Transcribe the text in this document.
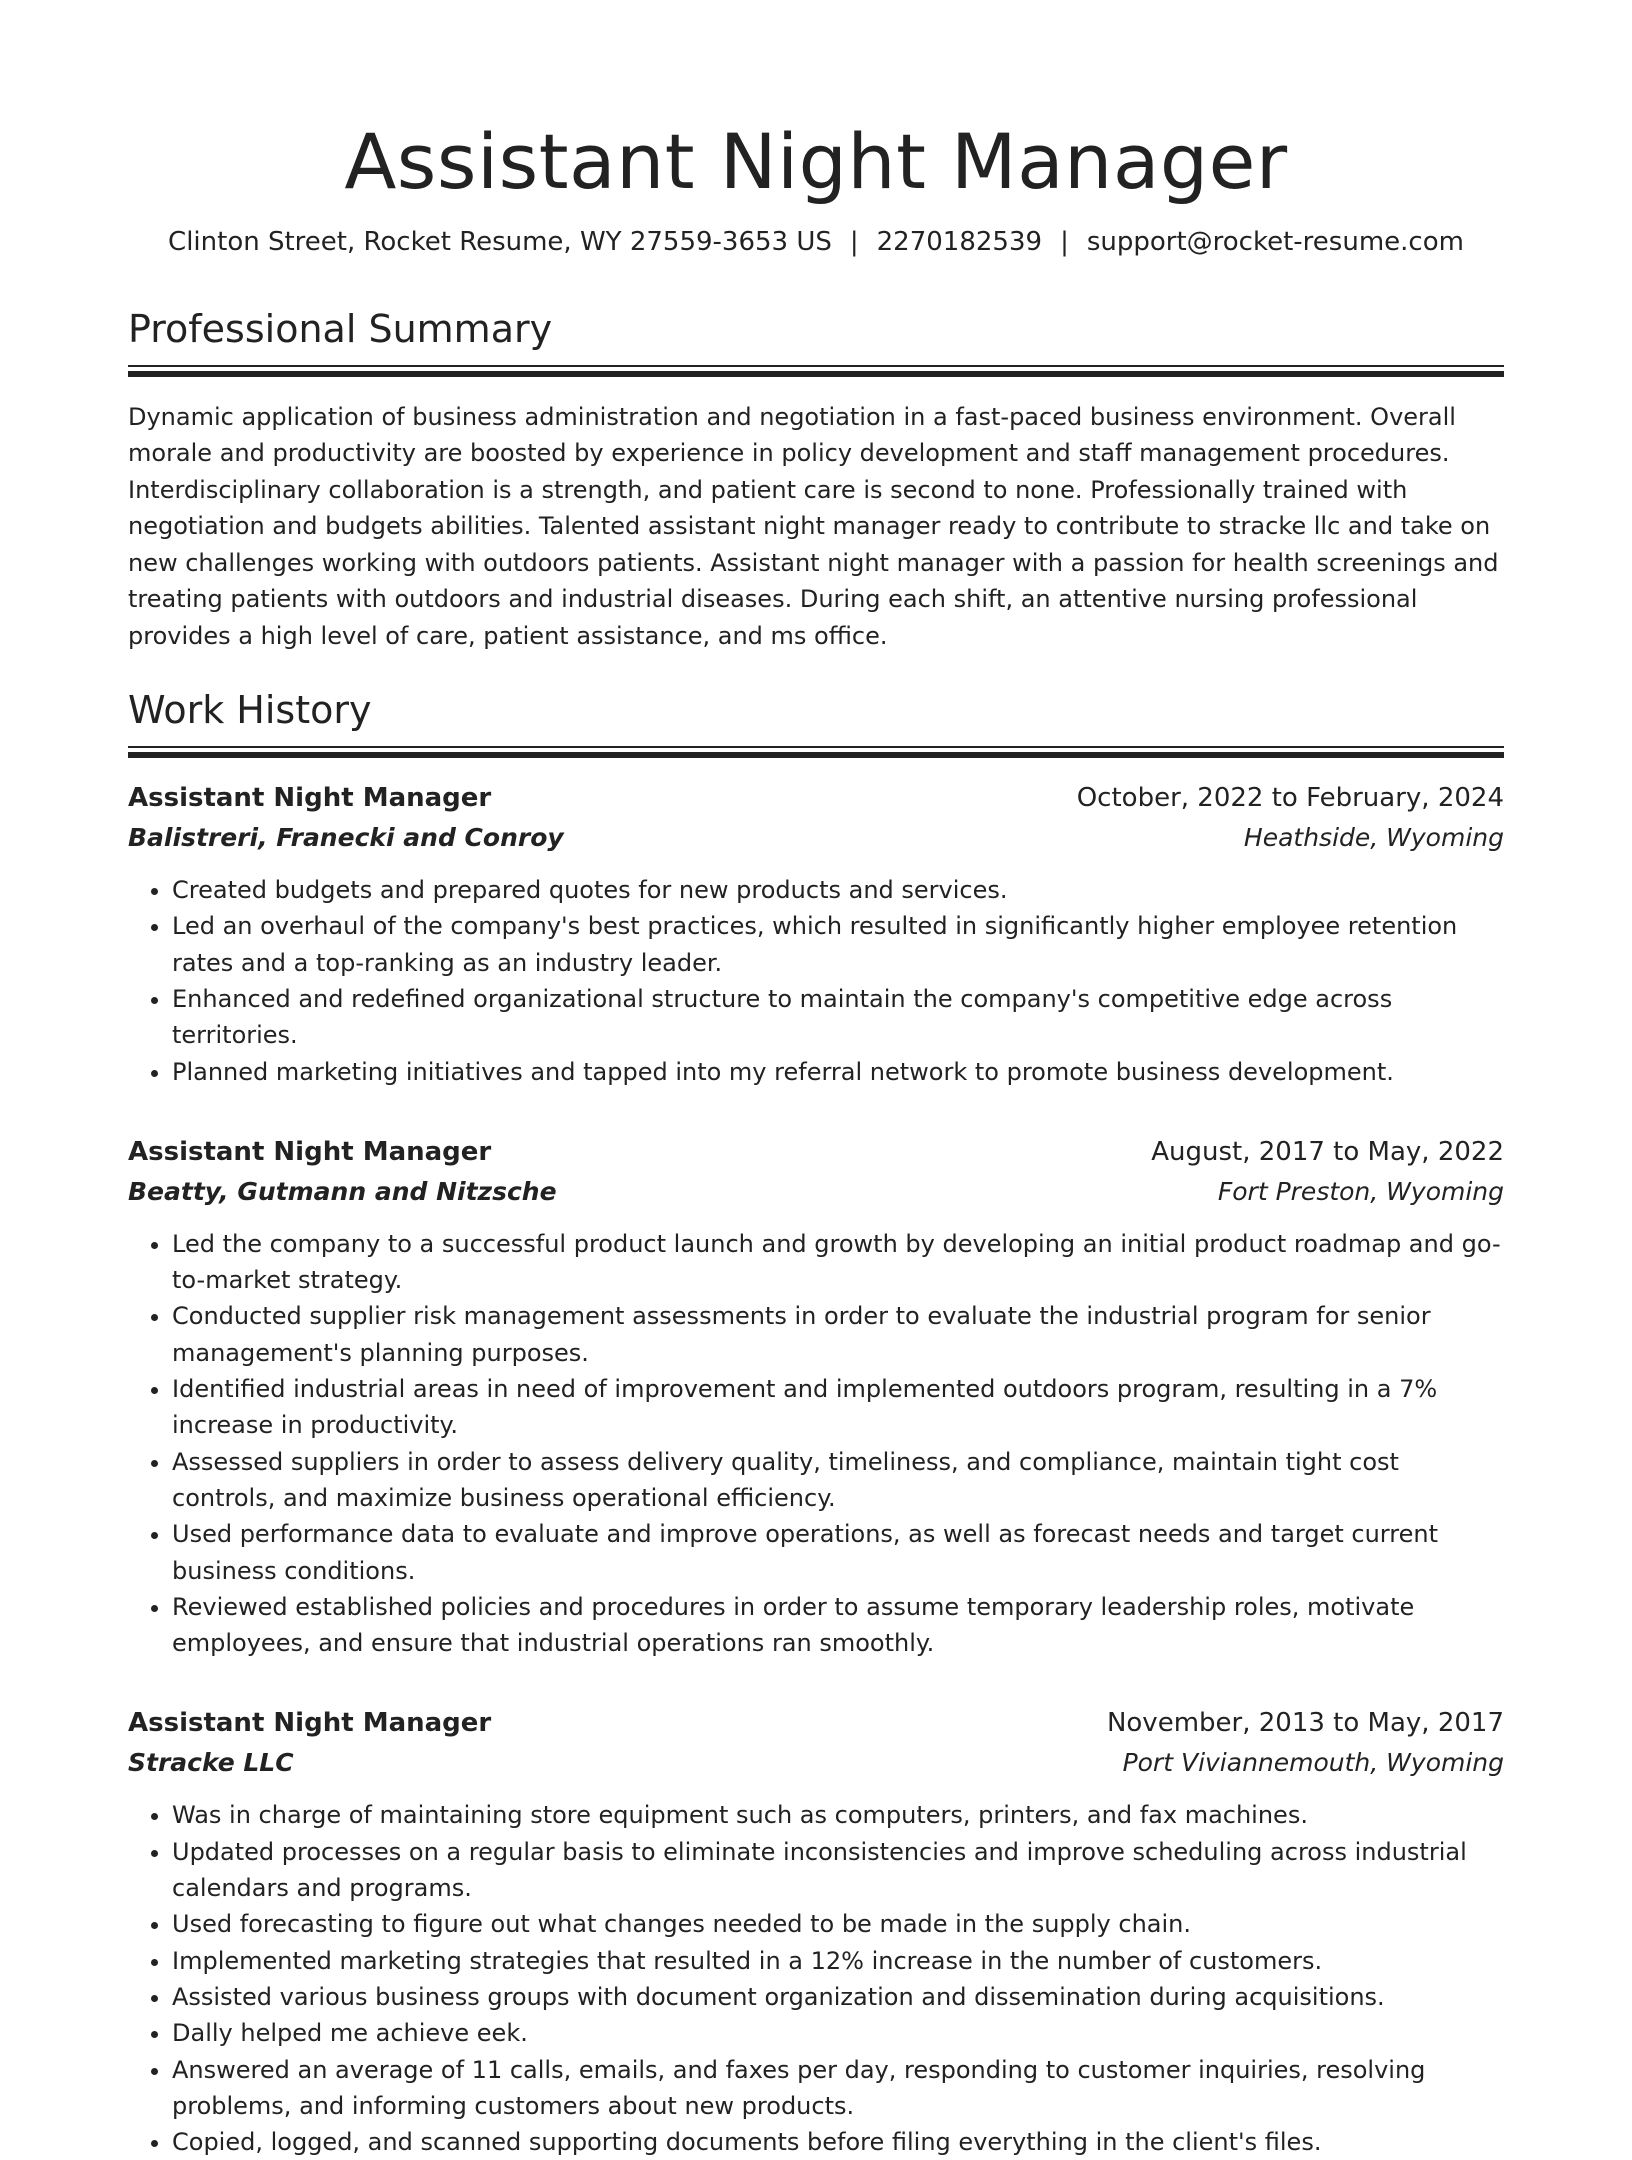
Assistant Night Manager
Clinton Street, Rocket Resume, WY 27559-3653 US | 2270182539 | support@rocket-resume.com
Professional Summary

Dynamic application of business administration and negotiation in a fast-paced business environment. Overall morale and productivity are boosted by experience in policy development and staff management procedures. Interdisciplinary collaboration is a strength, and patient care is second to none. Professionally trained with negotiation and budgets abilities. Talented assistant night manager ready to contribute to stracke llc and take on new challenges working with outdoors patients. Assistant night manager with a passion for health screenings and treating patients with outdoors and industrial diseases. During each shift, an attentive nursing professional provides a high level of care, patient assistance, and ms office.

Work History
Assistant Night Manager	October, 2022 to February, 2024
Balistreri, Franecki and Conroy	Heathside, Wyoming
• Created budgets and prepared quotes for new products and services.
• Led an overhaul of the company's best practices, which resulted in significantly higher employee retention rates and a top-ranking as an industry leader.
• Enhanced and redefined organizational structure to maintain the company's competitive edge across territories.
• Planned marketing initiatives and tapped into my referral network to promote business development.
Assistant Night Manager	August, 2017 to May, 2022
Beatty, Gutmann and Nitzsche	Fort Preston, Wyoming
• Led the company to a successful product launch and growth by developing an initial product roadmap and go-to-market strategy.
• Conducted supplier risk management assessments in order to evaluate the industrial program for senior management's planning purposes.
• Identified industrial areas in need of improvement and implemented outdoors program, resulting in a 7% increase in productivity.
• Assessed suppliers in order to assess delivery quality, timeliness, and compliance, maintain tight cost controls, and maximize business operational efficiency.
• Used performance data to evaluate and improve operations, as well as forecast needs and target current business conditions.
• Reviewed established policies and procedures in order to assume temporary leadership roles, motivate employees, and ensure that industrial operations ran smoothly.
Assistant Night Manager	November, 2013 to May, 2017
Stracke LLC	Port Viviannemouth, Wyoming
• Was in charge of maintaining store equipment such as computers, printers, and fax machines.
• Updated processes on a regular basis to eliminate inconsistencies and improve scheduling across industrial calendars and programs.
• Used forecasting to figure out what changes needed to be made in the supply chain.
• Implemented marketing strategies that resulted in a 12% increase in the number of customers.
• Assisted various business groups with document organization and dissemination during acquisitions.
• Dally helped me achieve eek.
• Answered an average of 11 calls, emails, and faxes per day, responding to customer inquiries, resolving problems, and informing customers about new products.
• Copied, logged, and scanned supporting documents before filing everything in the client's files.
